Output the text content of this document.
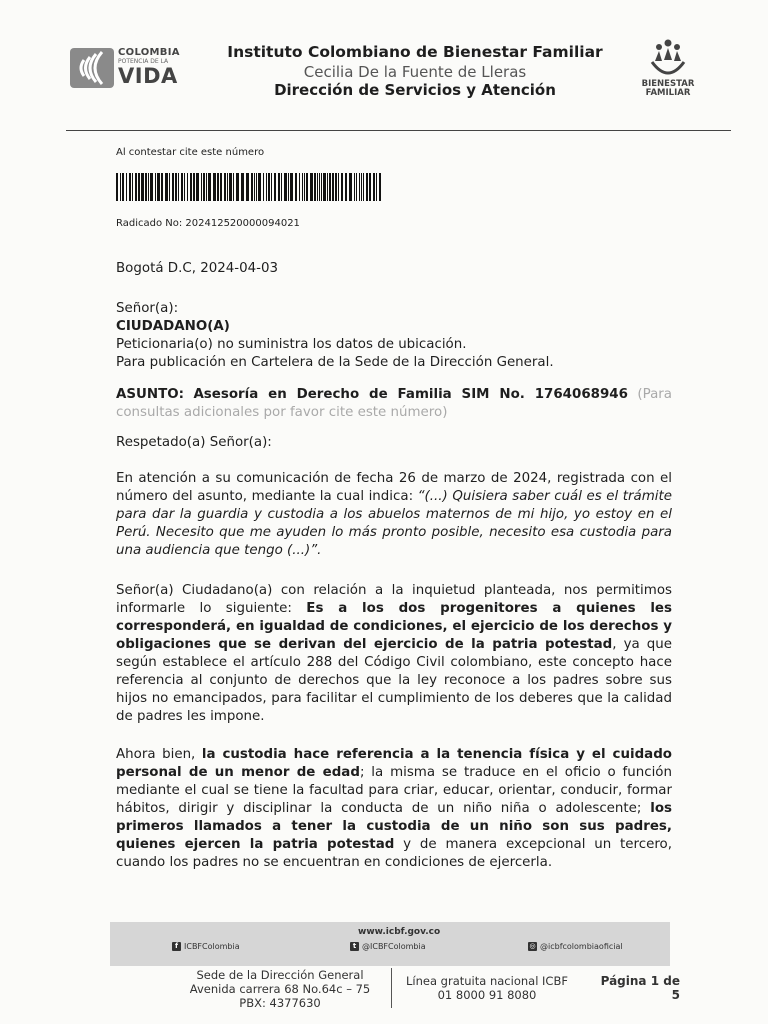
COLOMBIA
POTENCIA DE LA
VIDA
Instituto Colombiano de Bienestar Familiar
Cecilia De la Fuente de Lleras
Dirección de Servicios y Atención	BIENESTAR
FAMILIAR
Al contestar cite este número
Radicado No: 202412520000094021
Bogotá D.C, 2024-04-03
Señor(a):
CIUDADANO(A)
Peticionaria(o) no suministra los datos de ubicación.
Para publicación en Cartelera de la Sede de la Dirección General.
ASUNTO: Asesoría en Derecho de Familia SIM No. 1764068946 (Para consultas adicionales por favor cite este número)
Respetado(a) Señor(a):
En atención a su comunicación de fecha 26 de marzo de 2024, registrada con el número del asunto, mediante la cual indica: “(...) Quisiera saber cuál es el trámite para dar la guardia y custodia a los abuelos maternos de mi hijo, yo estoy en el Perú. Necesito que me ayuden lo más pronto posible, necesito esa custodia para una audiencia que tengo (...)”.
Señor(a) Ciudadano(a) con relación a la inquietud planteada, nos permitimos informarle lo siguiente: Es a los dos progenitores a quienes les corresponderá, en igualdad de condiciones, el ejercicio de los derechos y obligaciones que se derivan del ejercicio de la patria potestad, ya que según establece el artículo 288 del Código Civil colombiano, este concepto hace referencia al conjunto de derechos que la ley reconoce a los padres sobre sus hijos no emancipados, para facilitar el cumplimiento de los deberes que la calidad de padres les impone.
Ahora bien, la custodia hace referencia a la tenencia física y el cuidado personal de un menor de edad; la misma se traduce en el oficio o función mediante el cual se tiene la facultad para criar, educar, orientar, conducir, formar hábitos, dirigir y disciplinar la conducta de un niño niña o adolescente; los primeros llamados a tener la custodia de un niño son sus padres, quienes ejercen la patria potestad y de manera excepcional un tercero, cuando los padres no se encuentran en condiciones de ejercerla.
www.icbf.gov.co
f ICBFColombia	t @ICBFColombia	◎ @icbfcolombiaoficial
Sede de la Dirección General
Avenida carrera 68 No.64c – 75
PBX: 4377630
Línea gratuita nacional ICBF
01 8000 91 8080
Página 1 de 5
